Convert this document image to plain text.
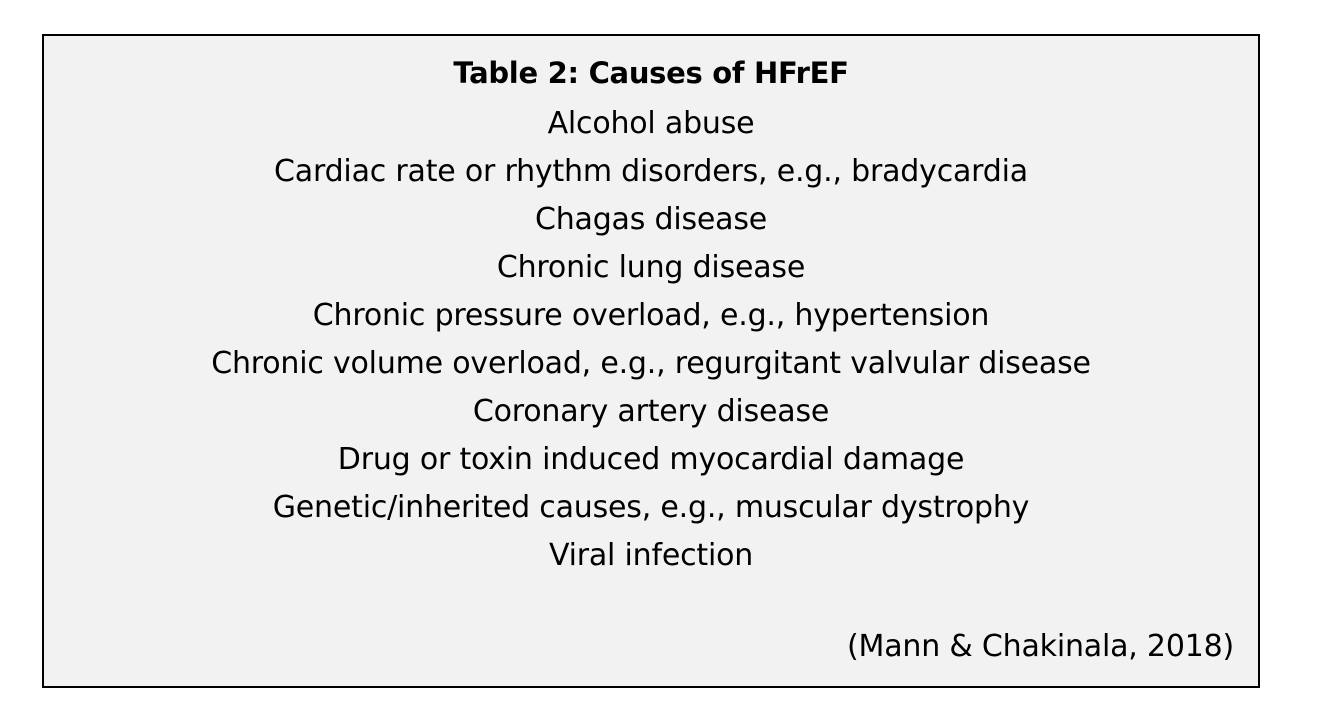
Table 2: Causes of HFrEF
Alcohol abuse
Cardiac rate or rhythm disorders, e.g., bradycardia
Chagas disease
Chronic lung disease
Chronic pressure overload, e.g., hypertension
Chronic volume overload, e.g., regurgitant valvular disease
Coronary artery disease
Drug or toxin induced myocardial damage
Genetic/inherited causes, e.g., muscular dystrophy
Viral infection
(Mann & Chakinala, 2018)
